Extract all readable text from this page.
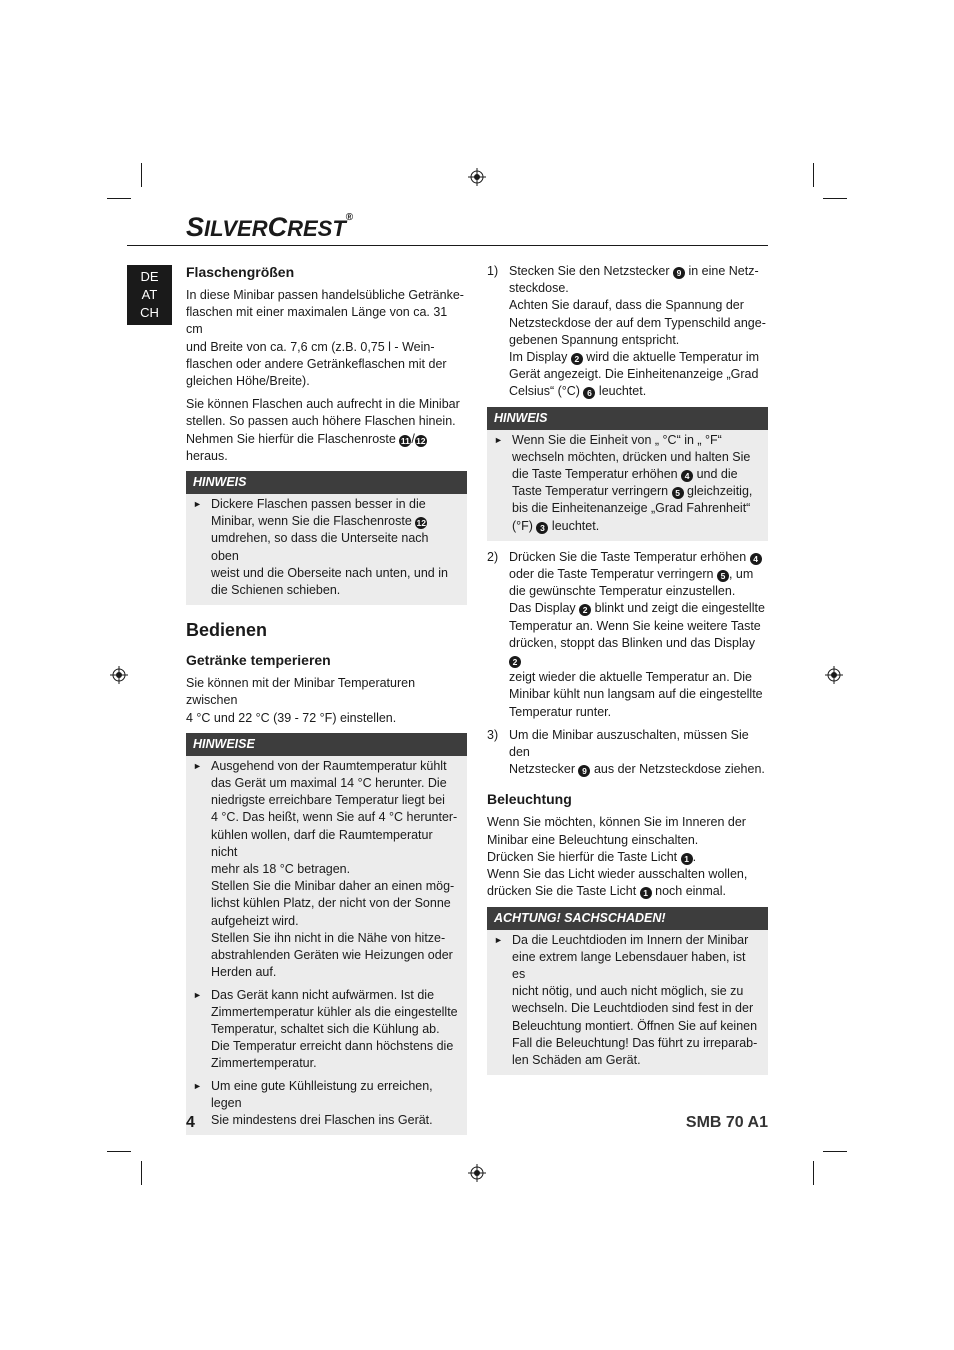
SILVERCREST®
DE
AT
CH
Flaschengrößen

In diese Minibar passen handelsübliche Getränke-
flaschen mit einer maximalen Länge von ca. 31 cm
und Breite von ca. 7,6 cm (z.B. 0,75 l - Wein-
flaschen oder andere Getränkeflaschen mit der
gleichen Höhe/Breite).

Sie können Flaschen auch aufrecht in die Minibar
stellen. So passen auch höhere Flaschen hinein.
Nehmen Sie hierfür die Flaschenroste 11 /12
heraus.

HINWEIS
► Dickere Flaschen passen besser in die
Minibar, wenn Sie die Flaschenroste 12
umdrehen, so dass die Unterseite nach oben
weist und die Oberseite nach unten, und in
die Schienen schieben.
Bedienen
Getränke temperieren

Sie können mit der Minibar Temperaturen zwischen
4 °C und 22 °C (39 - 72 °F) einstellen.

HINWEISE
► Ausgehend von der Raumtemperatur kühlt
das Gerät um maximal 14 °C herunter. Die
niedrigste erreichbare Temperatur liegt bei
4 °C. Das heißt, wenn Sie auf 4 °C herunter-
kühlen wollen, darf die Raumtemperatur nicht
mehr als 18 °C betragen.
Stellen Sie die Minibar daher an einen mög-
lichst kühlen Platz, der nicht von der Sonne
aufgeheizt wird.
Stellen Sie ihn nicht in die Nähe von hitze-
abstrahlenden Geräten wie Heizungen oder
Herden auf.
► Das Gerät kann nicht aufwärmen. Ist die
Zimmertemperatur kühler als die eingestellte
Temperatur, schaltet sich die Kühlung ab.
Die Temperatur erreicht dann höchstens die
Zimmertemperatur.
► Um eine gute Kühlleistung zu erreichen, legen
Sie mindestens drei Flaschen ins Gerät.
1) Stecken Sie den Netzstecker 9 in eine Netz-
steckdose.
Achten Sie darauf, dass die Spannung der
Netzsteckdose der auf dem Typenschild ange-
gebenen Spannung entspricht.
Im Display 2 wird die aktuelle Temperatur im
Gerät angezeigt. Die Einheitenanzeige „Grad
Celsius“ (°C) 6 leuchtet.
HINWEIS
► Wenn Sie die Einheit von „ °C“ in „ °F“
wechseln möchten, drücken und halten Sie
die Taste Temperatur erhöhen 4 und die
Taste Temperatur verringern 5 gleichzeitig,
bis die Einheitenanzeige „Grad Fahrenheit“
(°F) 3 leuchtet.
2) Drücken Sie die Taste Temperatur erhöhen 4
oder die Taste Temperatur verringern 5 , um
die gewünschte Temperatur einzustellen.
Das Display 2 blinkt und zeigt die eingestellte
Temperatur an. Wenn Sie keine weitere Taste
drücken, stoppt das Blinken und das Display 2
zeigt wieder die aktuelle Temperatur an. Die
Minibar kühlt nun langsam auf die eingestellte
Temperatur runter.
3) Um die Minibar auszuschalten, müssen Sie den
Netzstecker 9 aus der Netzsteckdose ziehen.
Beleuchtung

Wenn Sie möchten, können Sie im Inneren der
Minibar eine Beleuchtung einschalten.
Drücken Sie hierfür die Taste Licht 1 .
Wenn Sie das Licht wieder ausschalten wollen,
drücken Sie die Taste Licht 1 noch einmal.

ACHTUNG! SACHSCHADEN!
► Da die Leuchtdioden im Innern der Minibar
eine extrem lange Lebensdauer haben, ist es
nicht nötig, und auch nicht möglich, sie zu
wechseln. Die Leuchtdioden sind fest in der
Beleuchtung montiert. Öffnen Sie auf keinen
Fall die Beleuchtung! Das führt zu irreparab-
len Schäden am Gerät.
4	SMB 70 A1
